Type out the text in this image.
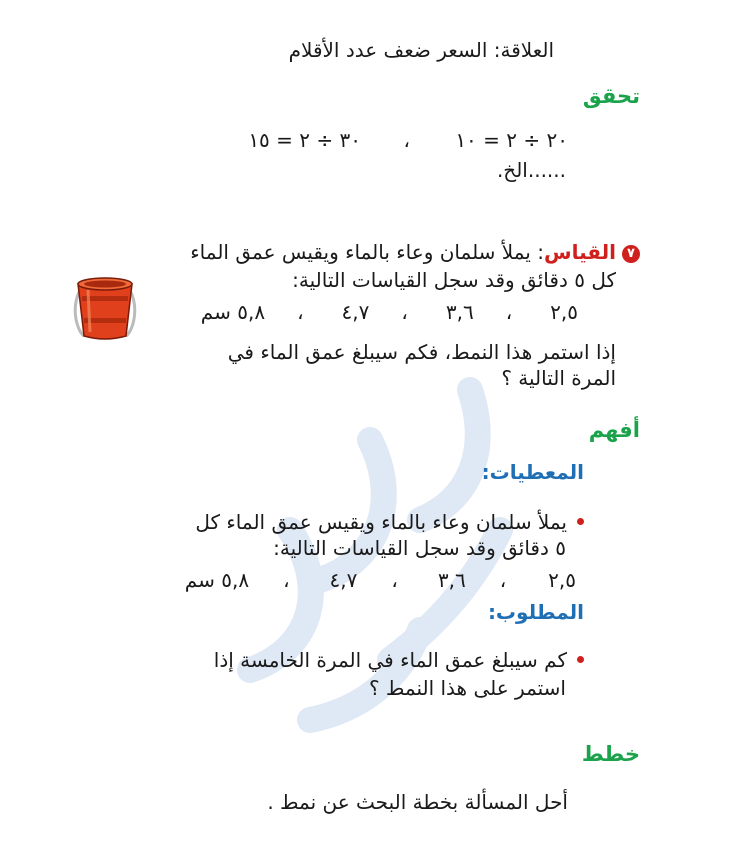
العلاقة: السعر ضعف عدد الأقلام
تحقق
٢٠ ÷ ٢ = ١٠
،
٣٠ ÷ ٢ = ١٥
......الخ.
٧القياس: يملأ سلمان وعاء بالماء ويقيس عمق الماء
كل ٥ دقائق وقد سجل القياسات التالية:
٢,٥
،
٣,٦
،
٤,٧
،
٥,٨ سم
إذا استمر هذا النمط، فكم سيبلغ عمق الماء في
المرة التالية ؟
أفهم
المعطيات:
يملأ سلمان وعاء بالماء ويقيس عمق الماء كل
٥ دقائق وقد سجل القياسات التالية:
٢,٥
،
٣,٦
،
٤,٧
،
٥,٨ سم
المطلوب:
كم سيبلغ عمق الماء في المرة الخامسة إذا
استمر على هذا النمط ؟
خطط
أحل المسألة بخطة البحث عن نمط .
